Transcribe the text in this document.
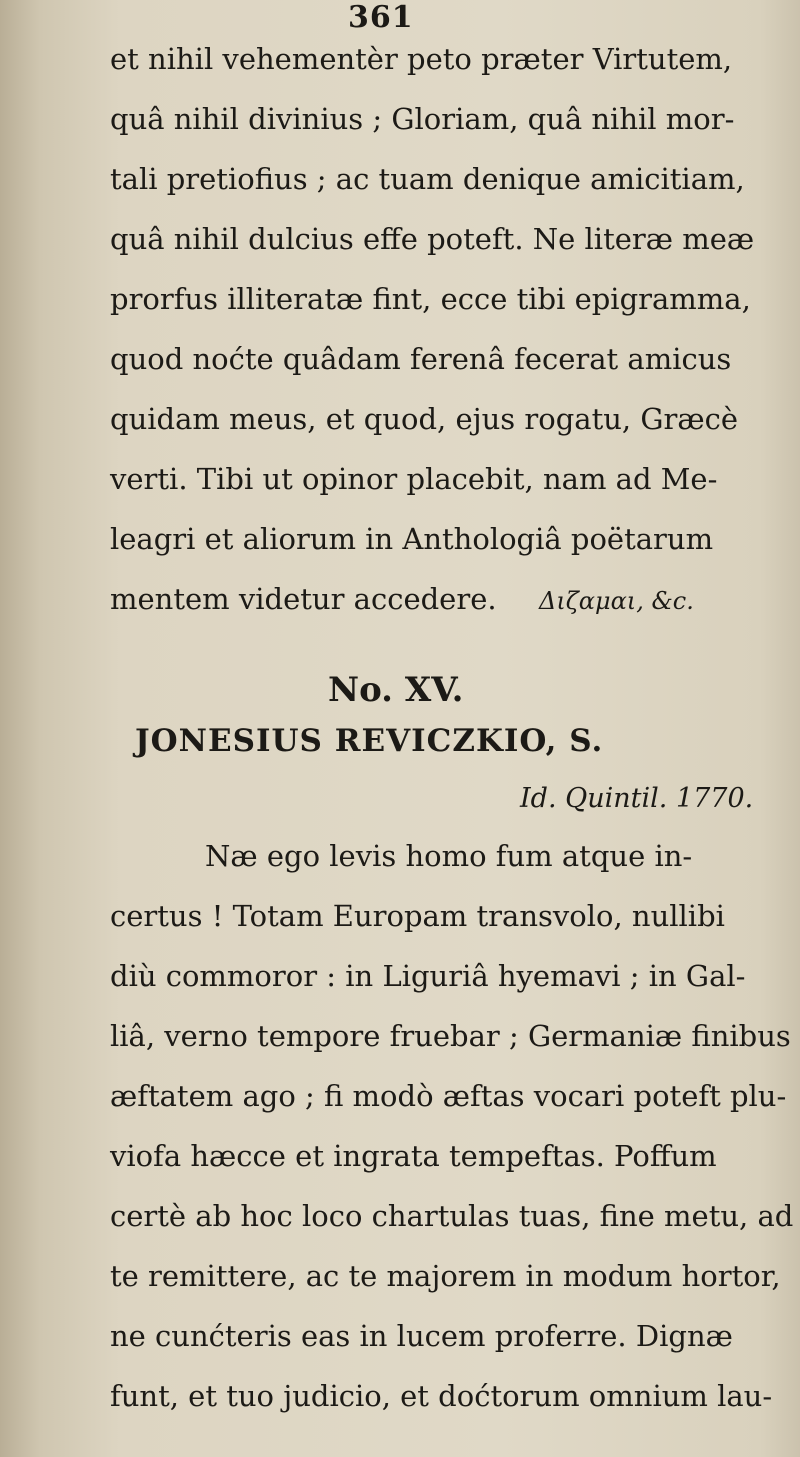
361
et nihil vehementèr peto præter Virtutem,
quâ nihil divinius ; Gloriam, quâ nihil mor-
tali pretiofius ; ac tuam denique amicitiam,
quâ nihil dulcius effe poteft. Ne literæ meæ
prorfus illiteratæ fint, ecce tibi epigramma,
quod noćte quâdam ferenâ fecerat amicus
quidam meus, et quod, ejus rogatu, Græcè
verti. Tibi ut opinor placebit, nam ad Me-
leagri et aliorum in Anthologiâ poëtarum
mentem videtur accedere. Διζαμαι, &c.
No. XV.
JONESIUS REVICZKIO, S.
Id. Quintil. 1770.
Næ ego levis homo fum atque in-
certus ! Totam Europam transvolo, nullibi
diù commoror : in Liguriâ hyemavi ; in Gal-
liâ, verno tempore fruebar ; Germaniæ finibus
æftatem ago ; fi modò æftas vocari poteft plu-
viofa hæcce et ingrata tempeftas. Poffum
certè ab hoc loco chartulas tuas, fine metu, ad
te remittere, ac te majorem in modum hortor,
ne cunćteris eas in lucem proferre. Dignæ
funt, et tuo judicio, et doćtorum omnium lau-
